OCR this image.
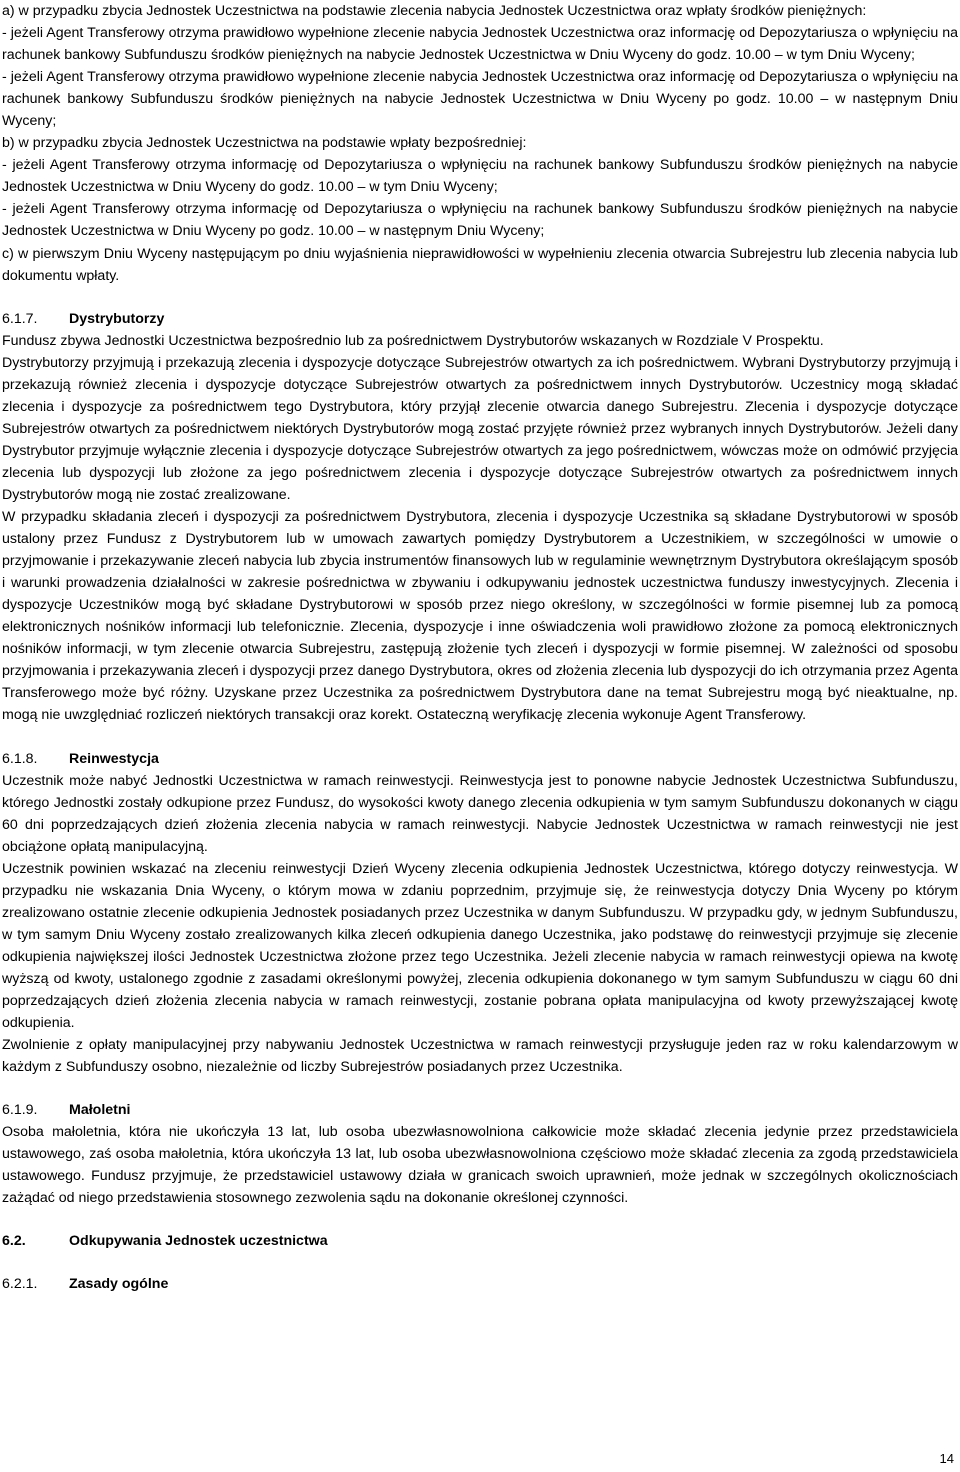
a) w przypadku zbycia Jednostek Uczestnictwa na podstawie zlecenia nabycia Jednostek Uczestnictwa oraz wpłaty środków pieniężnych:

- jeżeli Agent Transferowy otrzyma prawidłowo wypełnione zlecenie nabycia Jednostek Uczestnictwa oraz informację od Depozytariusza o wpłynięciu na rachunek bankowy Subfunduszu środków pieniężnych na nabycie Jednostek Uczestnictwa w Dniu Wyceny do godz. 10.00 – w tym Dniu Wyceny;

- jeżeli Agent Transferowy otrzyma prawidłowo wypełnione zlecenie nabycia Jednostek Uczestnictwa oraz informację od Depozytariusza o wpłynięciu na rachunek bankowy Subfunduszu środków pieniężnych na nabycie Jednostek Uczestnictwa w Dniu Wyceny po godz. 10.00 – w następnym Dniu Wyceny;

b) w przypadku zbycia Jednostek Uczestnictwa na podstawie wpłaty bezpośredniej:

- jeżeli Agent Transferowy otrzyma informację od Depozytariusza o wpłynięciu na rachunek bankowy Subfunduszu środków pieniężnych na nabycie Jednostek Uczestnictwa w Dniu Wyceny do godz. 10.00 – w tym Dniu Wyceny;

- jeżeli Agent Transferowy otrzyma informację od Depozytariusza o wpłynięciu na rachunek bankowy Subfunduszu środków pieniężnych na nabycie Jednostek Uczestnictwa w Dniu Wyceny po godz. 10.00 – w następnym Dniu Wyceny;

c) w pierwszym Dniu Wyceny następującym po dniu wyjaśnienia nieprawidłowości w wypełnieniu zlecenia otwarcia Subrejestru lub zlecenia nabycia lub dokumentu wpłaty.

6.1.7.	Dystrybutorzy

Fundusz zbywa Jednostki Uczestnictwa bezpośrednio lub za pośrednictwem Dystrybutorów wskazanych w Rozdziale V Prospektu.

Dystrybutorzy przyjmują i przekazują zlecenia i dyspozycje dotyczące Subrejestrów otwartych za ich pośrednictwem. Wybrani Dystrybutorzy przyjmują i przekazują również zlecenia i dyspozycje dotyczące Subrejestrów otwartych za pośrednictwem innych Dystrybutorów. Uczestnicy mogą składać zlecenia i dyspozycje za pośrednictwem tego Dystrybutora, który przyjął zlecenie otwarcia danego Subrejestru. Zlecenia i dyspozycje dotyczące Subrejestrów otwartych za pośrednictwem niektórych Dystrybutorów mogą zostać przyjęte również przez wybranych innych Dystrybutorów. Jeżeli dany Dystrybutor przyjmuje wyłącznie zlecenia i dyspozycje dotyczące Subrejestrów otwartych za jego pośrednictwem, wówczas może on odmówić przyjęcia zlecenia lub dyspozycji lub złożone za jego pośrednictwem zlecenia i dyspozycje dotyczące Subrejestrów otwartych za pośrednictwem innych Dystrybutorów mogą nie zostać zrealizowane.

W przypadku składania zleceń i dyspozycji za pośrednictwem Dystrybutora, zlecenia i dyspozycje Uczestnika są składane Dystrybutorowi w sposób ustalony przez Fundusz z Dystrybutorem lub w umowach zawartych pomiędzy Dystrybutorem a Uczestnikiem, w szczególności w umowie o przyjmowanie i przekazywanie zleceń nabycia lub zbycia instrumentów finansowych lub w regulaminie wewnętrznym Dystrybutora określającym sposób i warunki prowadzenia działalności w zakresie pośrednictwa w zbywaniu i odkupywaniu jednostek uczestnictwa funduszy inwestycyjnych. Zlecenia i dyspozycje Uczestników mogą być składane Dystrybutorowi w sposób przez niego określony, w szczególności w formie pisemnej lub za pomocą elektronicznych nośników informacji lub telefonicznie. Zlecenia, dyspozycje i inne oświadczenia woli prawidłowo złożone za pomocą elektronicznych nośników informacji, w tym zlecenie otwarcia Subrejestru, zastępują złożenie tych zleceń i dyspozycji w formie pisemnej. W zależności od sposobu przyjmowania i przekazywania zleceń i dyspozycji przez danego Dystrybutora, okres od złożenia zlecenia lub dyspozycji do ich otrzymania przez Agenta Transferowego może być różny. Uzyskane przez Uczestnika za pośrednictwem Dystrybutora dane na temat Subrejestru mogą być nieaktualne, np. mogą nie uwzględniać rozliczeń niektórych transakcji oraz korekt. Ostateczną weryfikację zlecenia wykonuje Agent Transferowy.

6.1.8.	Reinwestycja

Uczestnik może nabyć Jednostki Uczestnictwa w ramach reinwestycji. Reinwestycja jest to ponowne nabycie Jednostek Uczestnictwa Subfunduszu, którego Jednostki zostały odkupione przez Fundusz, do wysokości kwoty danego zlecenia odkupienia w tym samym Subfunduszu dokonanych w ciągu 60 dni poprzedzających dzień złożenia zlecenia nabycia w ramach reinwestycji. Nabycie Jednostek Uczestnictwa w ramach reinwestycji nie jest obciążone opłatą manipulacyjną.

Uczestnik powinien wskazać na zleceniu reinwestycji Dzień Wyceny zlecenia odkupienia Jednostek Uczestnictwa, którego dotyczy reinwestycja. W przypadku nie wskazania Dnia Wyceny, o którym mowa w zdaniu poprzednim, przyjmuje się, że reinwestycja dotyczy Dnia Wyceny po którym zrealizowano ostatnie zlecenie odkupienia Jednostek posiadanych przez Uczestnika w danym Subfunduszu. W przypadku gdy, w jednym Subfunduszu, w tym samym Dniu Wyceny zostało zrealizowanych kilka zleceń odkupienia danego Uczestnika, jako podstawę do reinwestycji przyjmuje się zlecenie odkupienia największej ilości Jednostek Uczestnictwa złożone przez tego Uczestnika. Jeżeli zlecenie nabycia w ramach reinwestycji opiewa na kwotę wyższą od kwoty, ustalonego zgodnie z zasadami określonymi powyżej, zlecenia odkupienia dokonanego w tym samym Subfunduszu w ciągu 60 dni poprzedzających dzień złożenia zlecenia nabycia w ramach reinwestycji, zostanie pobrana opłata manipulacyjna od kwoty przewyższającej kwotę odkupienia.

Zwolnienie z opłaty manipulacyjnej przy nabywaniu Jednostek Uczestnictwa w ramach reinwestycji przysługuje jeden raz w roku kalendarzowym w każdym z Subfunduszy osobno, niezależnie od liczby Subrejestrów posiadanych przez Uczestnika.

6.1.9.	Małoletni

Osoba małoletnia, która nie ukończyła 13 lat, lub osoba ubezwłasnowolniona całkowicie może składać zlecenia jedynie przez przedstawiciela ustawowego, zaś osoba małoletnia, która ukończyła 13 lat, lub osoba ubezwłasnowolniona częściowo może składać zlecenia za zgodą przedstawiciela ustawowego. Fundusz przyjmuje, że przedstawiciel ustawowy działa w granicach swoich uprawnień, może jednak w szczególnych okolicznościach zażądać od niego przedstawienia stosownego zezwolenia sądu na dokonanie określonej czynności.

6.2.	Odkupywania Jednostek uczestnictwa
6.2.1.	Zasady ogólne
14
